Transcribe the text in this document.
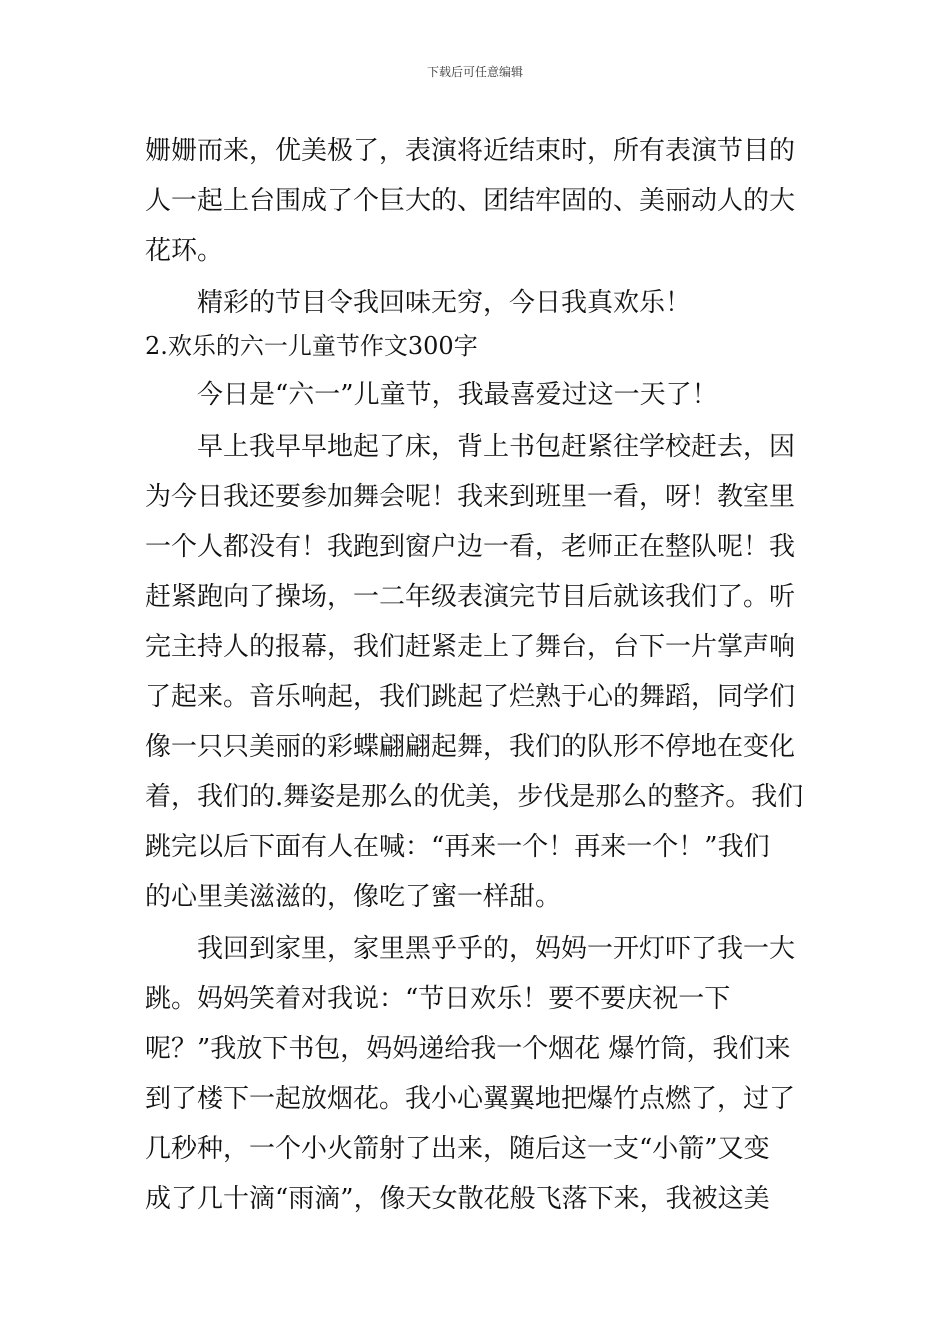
下载后可任意编辑
姗姗而来，优美极了，表演将近结束时，所有表演节目的
人一起上台围成了个巨大的、团结牢固的、美丽动人的大
花环。
精彩的节目令我回味无穷，今日我真欢乐！
2.欢乐的六一儿童节作文300字
今日是“六一”儿童节，我最喜爱过这一天了！
早上我早早地起了床，背上书包赶紧往学校赶去，因
为今日我还要参加舞会呢！我来到班里一看，呀！教室里
一个人都没有！我跑到窗户边一看，老师正在整队呢！我
赶紧跑向了操场，一二年级表演完节目后就该我们了。听
完主持人的报幕，我们赶紧走上了舞台，台下一片掌声响
了起来。音乐响起，我们跳起了烂熟于心的舞蹈，同学们
像一只只美丽的彩蝶翩翩起舞，我们的队形不停地在变化
着，我们的.舞姿是那么的优美，步伐是那么的整齐。我们
跳完以后下面有人在喊：“再来一个！再来一个！”我们
的心里美滋滋的，像吃了蜜一样甜。
我回到家里，家里黑乎乎的，妈妈一开灯吓了我一大
跳。妈妈笑着对我说：“节日欢乐！要不要庆祝一下
呢？”我放下书包，妈妈递给我一个烟花 爆竹筒，我们来
到了楼下一起放烟花。我小心翼翼地把爆竹点燃了，过了
几秒种，一个小火箭射了出来，随后这一支“小箭”又变
成了几十滴“雨滴”，像天女散花般飞落下来，我被这美
